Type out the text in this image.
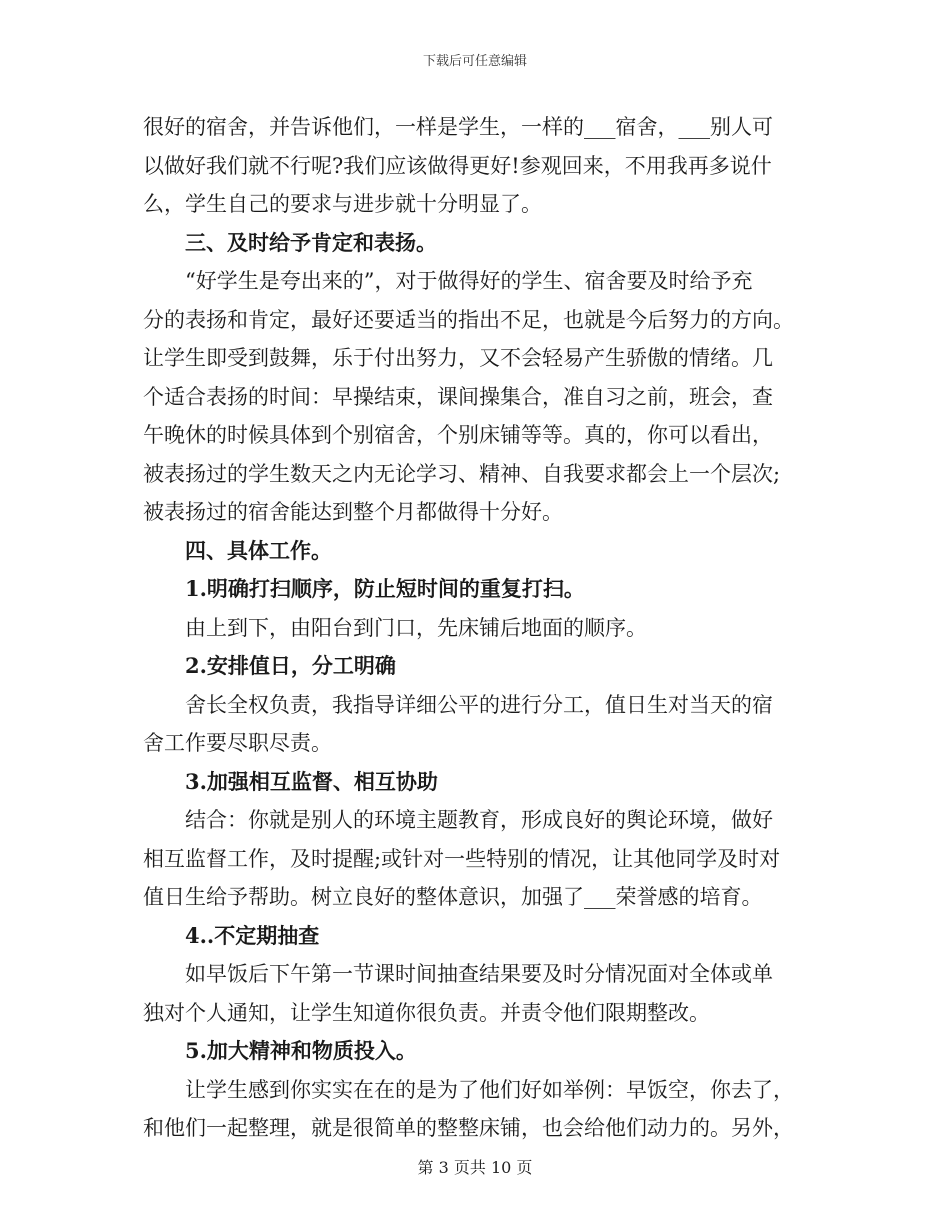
下载后可任意编辑
很好的宿舍，并告诉他们，一样是学生，一样的___宿舍，___别人可
以做好我们就不行呢?我们应该做得更好!参观回来，不用我再多说什
么，学生自己的要求与进步就十分明显了。
三、及时给予肯定和表扬。
“好学生是夸出来的”，对于做得好的学生、宿舍要及时给予充
分的表扬和肯定，最好还要适当的指出不足，也就是今后努力的方向。
让学生即受到鼓舞，乐于付出努力，又不会轻易产生骄傲的情绪。几
个适合表扬的时间：早操结束，课间操集合，准自习之前，班会，查
午晚休的时候具体到个别宿舍，个别床铺等等。真的，你可以看出，
被表扬过的学生数天之内无论学习、精神、自我要求都会上一个层次;
被表扬过的宿舍能达到整个月都做得十分好。
四、具体工作。
1.明确打扫顺序，防止短时间的重复打扫。
由上到下，由阳台到门口，先床铺后地面的顺序。
2.安排值日，分工明确
舍长全权负责，我指导详细公平的进行分工，值日生对当天的宿
舍工作要尽职尽责。
3.加强相互监督、相互协助
结合：你就是别人的环境主题教育，形成良好的舆论环境，做好
相互监督工作，及时提醒;或针对一些特别的情况，让其他同学及时对
值日生给予帮助。树立良好的整体意识，加强了___荣誉感的培育。
4..不定期抽查
如早饭后下午第一节课时间抽查结果要及时分情况面对全体或单
独对个人通知，让学生知道你很负责。并责令他们限期整改。
5.加大精神和物质投入。
让学生感到你实实在在的是为了他们好如举例：早饭空，你去了，
和他们一起整理，就是很简单的整整床铺，也会给他们动力的。另外，
第 3 页共 10 页
